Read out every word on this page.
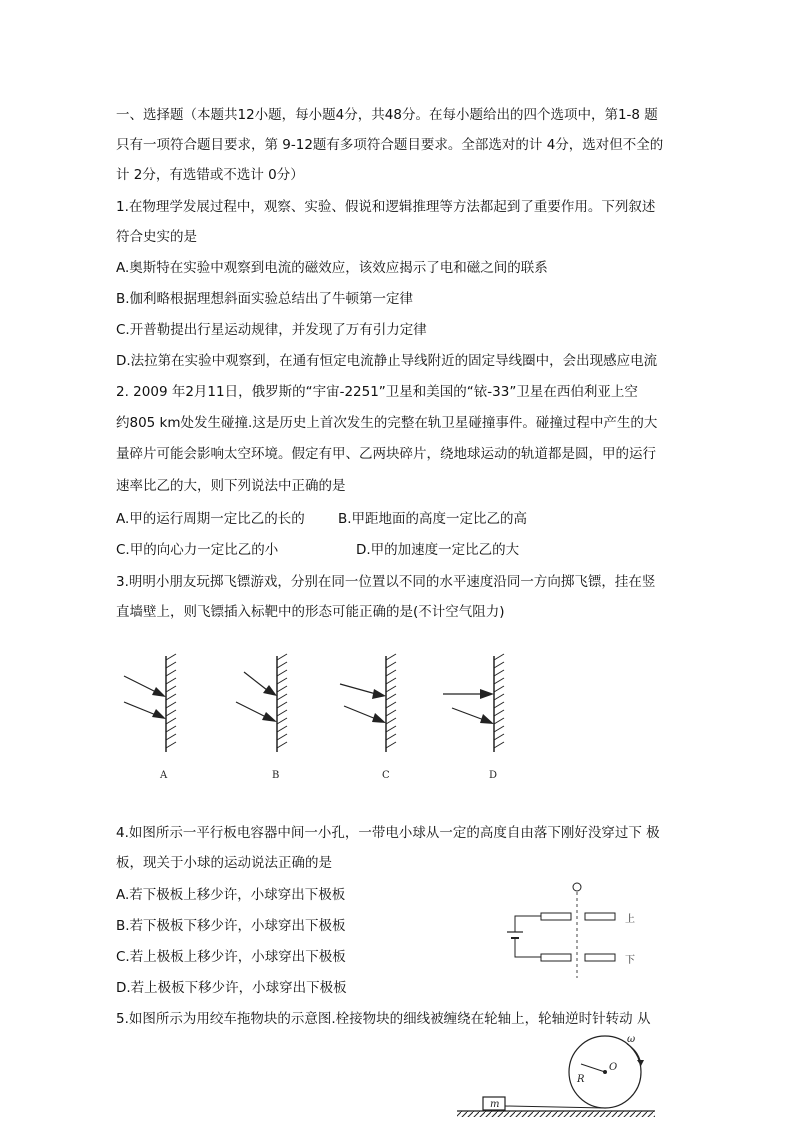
一、选择题（本题共12小题，每小题4分，共48分。在每小题给出的四个选项中，第1-8 题
只有一项符合题目要求，第 9-12题有多项符合题目要求。全部选对的计 4分，选对但不全的
计 2分，有选错或不选计 0分）
1.在物理学发展过程中，观察、实验、假说和逻辑推理等方法都起到了重要作用。下列叙述
符合史实的是
A.奥斯特在实验中观察到电流的磁效应，该效应揭示了电和磁之间的联系
B.伽利略根据理想斜面实验总结出了牛顿第一定律
C.开普勒提出行星运动规律，并发现了万有引力定律
D.法拉第在实验中观察到，在通有恒定电流静止导线附近的固定导线圈中，会出现感应电流
2. 2009 年2月11日，俄罗斯的“宇宙-2251”卫星和美国的“铱-33”卫星在西伯利亚上空
约805 km处发生碰撞.这是历史上首次发生的完整在轨卫星碰撞事件。碰撞过程中产生的大
量碎片可能会影响太空环境。假定有甲、乙两块碎片，绕地球运动的轨道都是圆，甲的运行
速率比乙的大，则下列说法中正确的是
A.甲的运行周期一定比乙的长的 B.甲距地面的高度一定比乙的高
C.甲的向心力一定比乙的小	D.甲的加速度一定比乙的大
3.明明小朋友玩掷飞镖游戏，分别在同一位置以不同的水平速度沿同一方向掷飞镖，挂在竖
直墙壁上，则飞镖插入标靶中的形态可能正确的是(不计空气阻力)
A	B	C	D
4.如图所示一平行板电容器中间一小孔，一带电小球从一定的高度自由落下刚好没穿过下 极
板，现关于小球的运动说法正确的是
A.若下极板上移少许，小球穿出下极板
B.若下极板下移少许，小球穿出下极板
C.若上极板上移少许，小球穿出下极板
D.若上极板下移少许，小球穿出下极板
上
下
5.如图所示为用绞车拖物块的示意图.栓接物块的细线被缠绕在轮轴上，轮轴逆时针转动 从
R
O
ω
m
